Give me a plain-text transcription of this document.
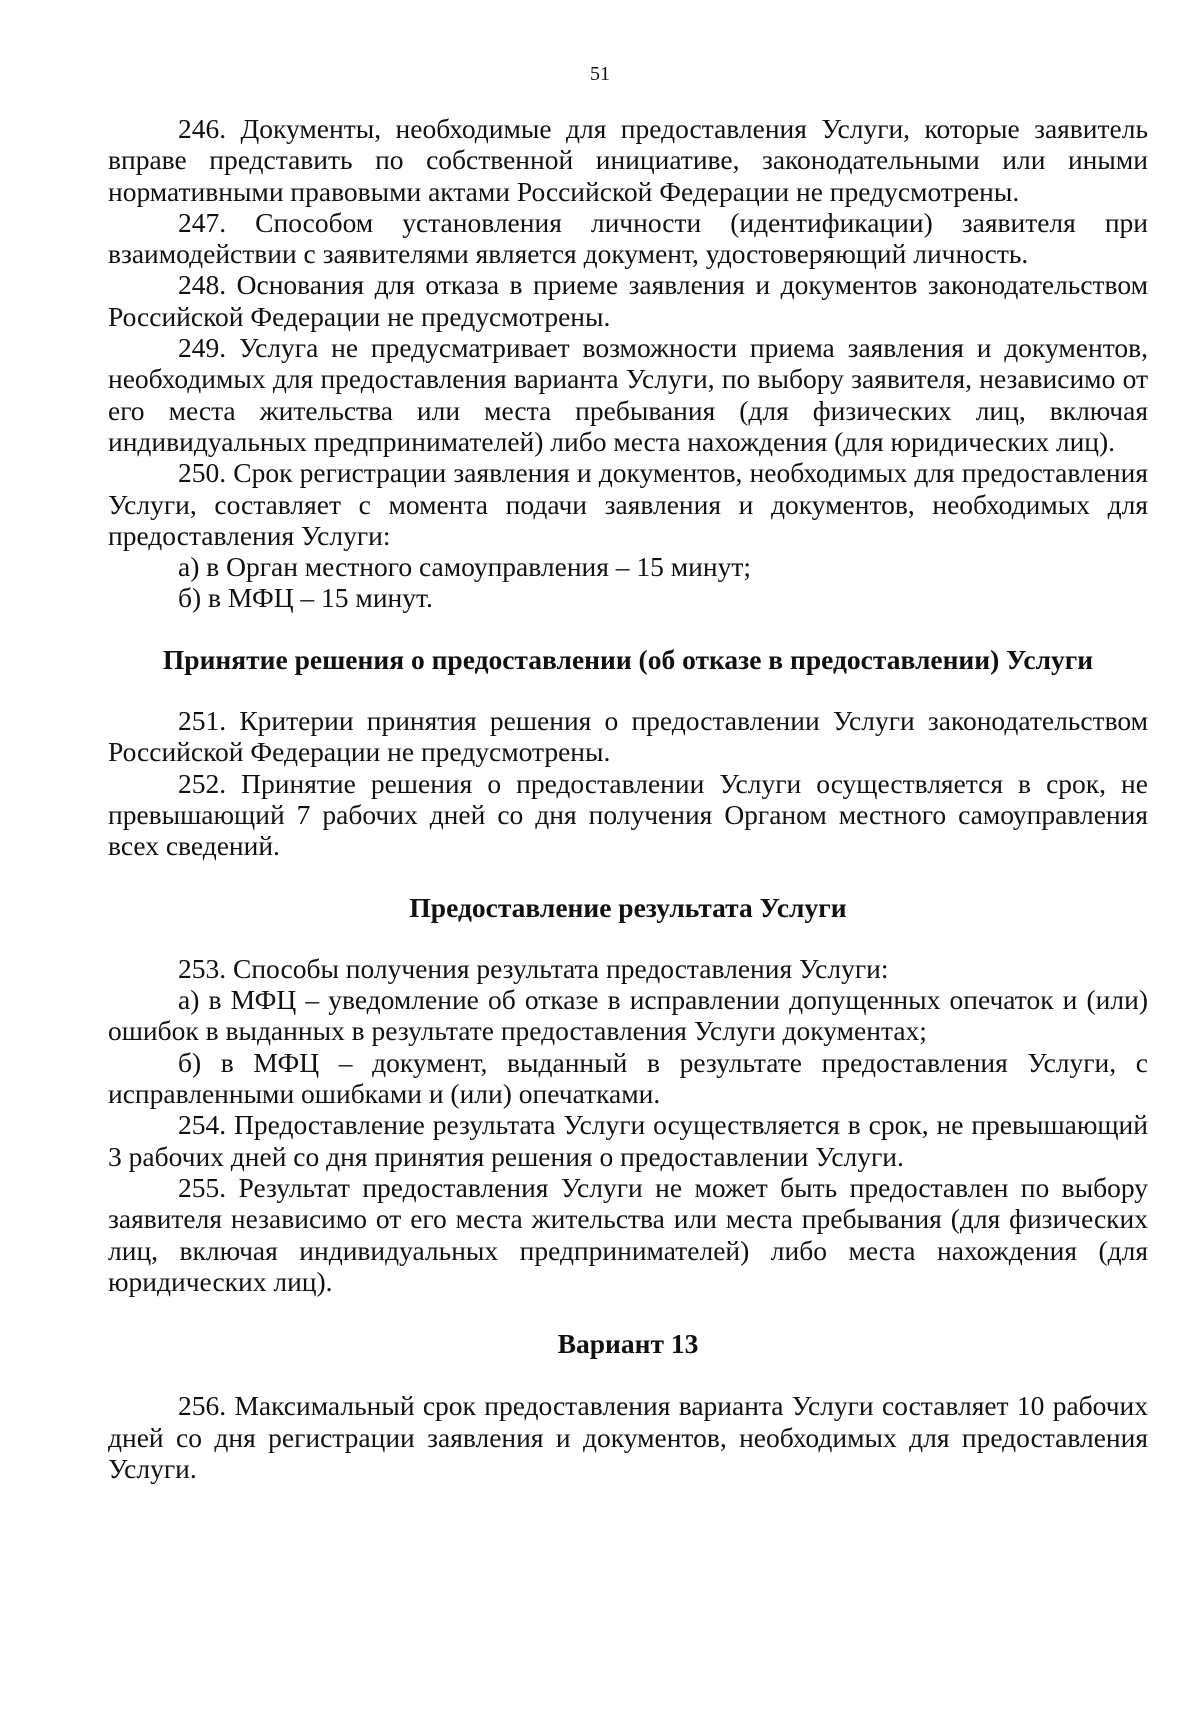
51

246. Документы, необходимые для предоставления Услуги, которые заявитель вправе представить по собственной инициативе, законодательными или иными нормативными правовыми актами Российской Федерации не предусмотрены.

247. Способом установления личности (идентификации) заявителя при взаимодействии с заявителями является документ, удостоверяющий личность.

248. Основания для отказа в приеме заявления и документов законодательством Российской Федерации не предусмотрены.

249. Услуга не предусматривает возможности приема заявления и документов, необходимых для предоставления варианта Услуги, по выбору заявителя, независимо от его места жительства или места пребывания (для физических лиц, включая индивидуальных предпринимателей) либо места нахождения (для юридических лиц).

250. Срок регистрации заявления и документов, необходимых для предоставления Услуги, составляет с момента подачи заявления и документов, необходимых для предоставления Услуги:

а) в Орган местного самоуправления – 15 минут;

б) в МФЦ – 15 минут.

Принятие решения о предоставлении (об отказе в предоставлении) Услуги

251. Критерии принятия решения о предоставлении Услуги законодательством Российской Федерации не предусмотрены.

252. Принятие решения о предоставлении Услуги осуществляется в срок, не превышающий 7 рабочих дней со дня получения Органом местного самоуправления всех сведений.

Предоставление результата Услуги

253. Способы получения результата предоставления Услуги:

а) в МФЦ – уведомление об отказе в исправлении допущенных опечаток и (или) ошибок в выданных в результате предоставления Услуги документах;

б) в МФЦ – документ, выданный в результате предоставления Услуги, с исправленными ошибками и (или) опечатками.

254. Предоставление результата Услуги осуществляется в срок, не превышающий 3 рабочих дней со дня принятия решения о предоставлении Услуги.

255. Результат предоставления Услуги не может быть предоставлен по выбору заявителя независимо от его места жительства или места пребывания (для физических лиц, включая индивидуальных предпринимателей) либо места нахождения (для юридических лиц).

Вариант 13

256. Максимальный срок предоставления варианта Услуги составляет 10 рабочих дней со дня регистрации заявления и документов, необходимых для предоставления Услуги.
